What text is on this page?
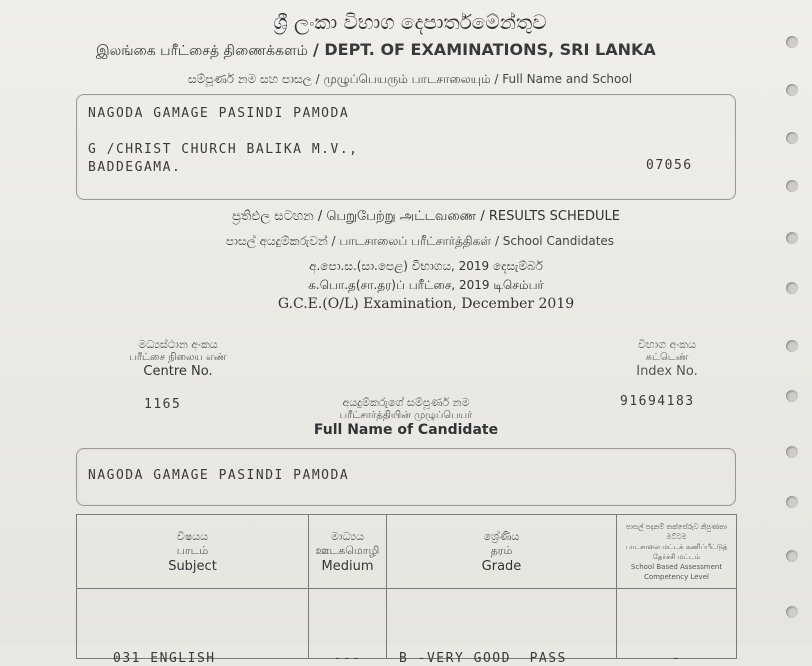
ශ්‍රී ලංකා විභාග දෙපාර්තමේන්තුව
இலங்கை பரீட்சைத் திணைக்களம் / DEPT. OF EXAMINATIONS, SRI LANKA
සම්පූර්ණ නම සහ පාසල / முழுப்பெயரும் பாடசாலையும் / Full Name and School
NAGODA GAMAGE PASINDI PAMODA
G /CHRIST CHURCH BALIKA M.V.,
BADDEGAMA.	07056
ප්‍රතිඵල සටහන / பெறுபேற்று அட்டவணை / RESULTS SCHEDULE
පාසල් අයදුම්කරුවන් / பாடசாலைப் பரீட்சார்த்திகள் / School Candidates
අ.පො.ස.(සා.පෙළ) විභාගය, 2019 දෙසැම්බර්
க.பொ.த(சா.தர)ப் பரீட்சை, 2019 டிசெம்பர்
G.C.E.(O/L) Examination, December 2019
මධ්‍යස්ථාන අංකය
பரீட்சை நிலைய எண்
Centre No.
1165
විභාග අංකය
சுட்டெண்
Index No.
91694183
අයදුම්කරුගේ සම්පූර්ණ නම
பரீட்சார்த்தியின் முழுப்பெயர்
Full Name of Candidate
NAGODA GAMAGE PASINDI PAMODA
විෂයය
பாடம்
Subject	මාධ්‍යය
ஊடகமொழி
Medium	ශ්‍රේණිය
தரம்
Grade	පාසල් පදනම් තක්සේරුව නිපුණතා මට්ටම
பாடசாலை மட்டக் கணிப்பீட்டுத் தேர்ச்சி மட்டம்
School Based Assessment Competency Level

$_{031 ENGLISH}$	$_{---}$	$_{B -VERY GOOD PASS}$	$_-$
